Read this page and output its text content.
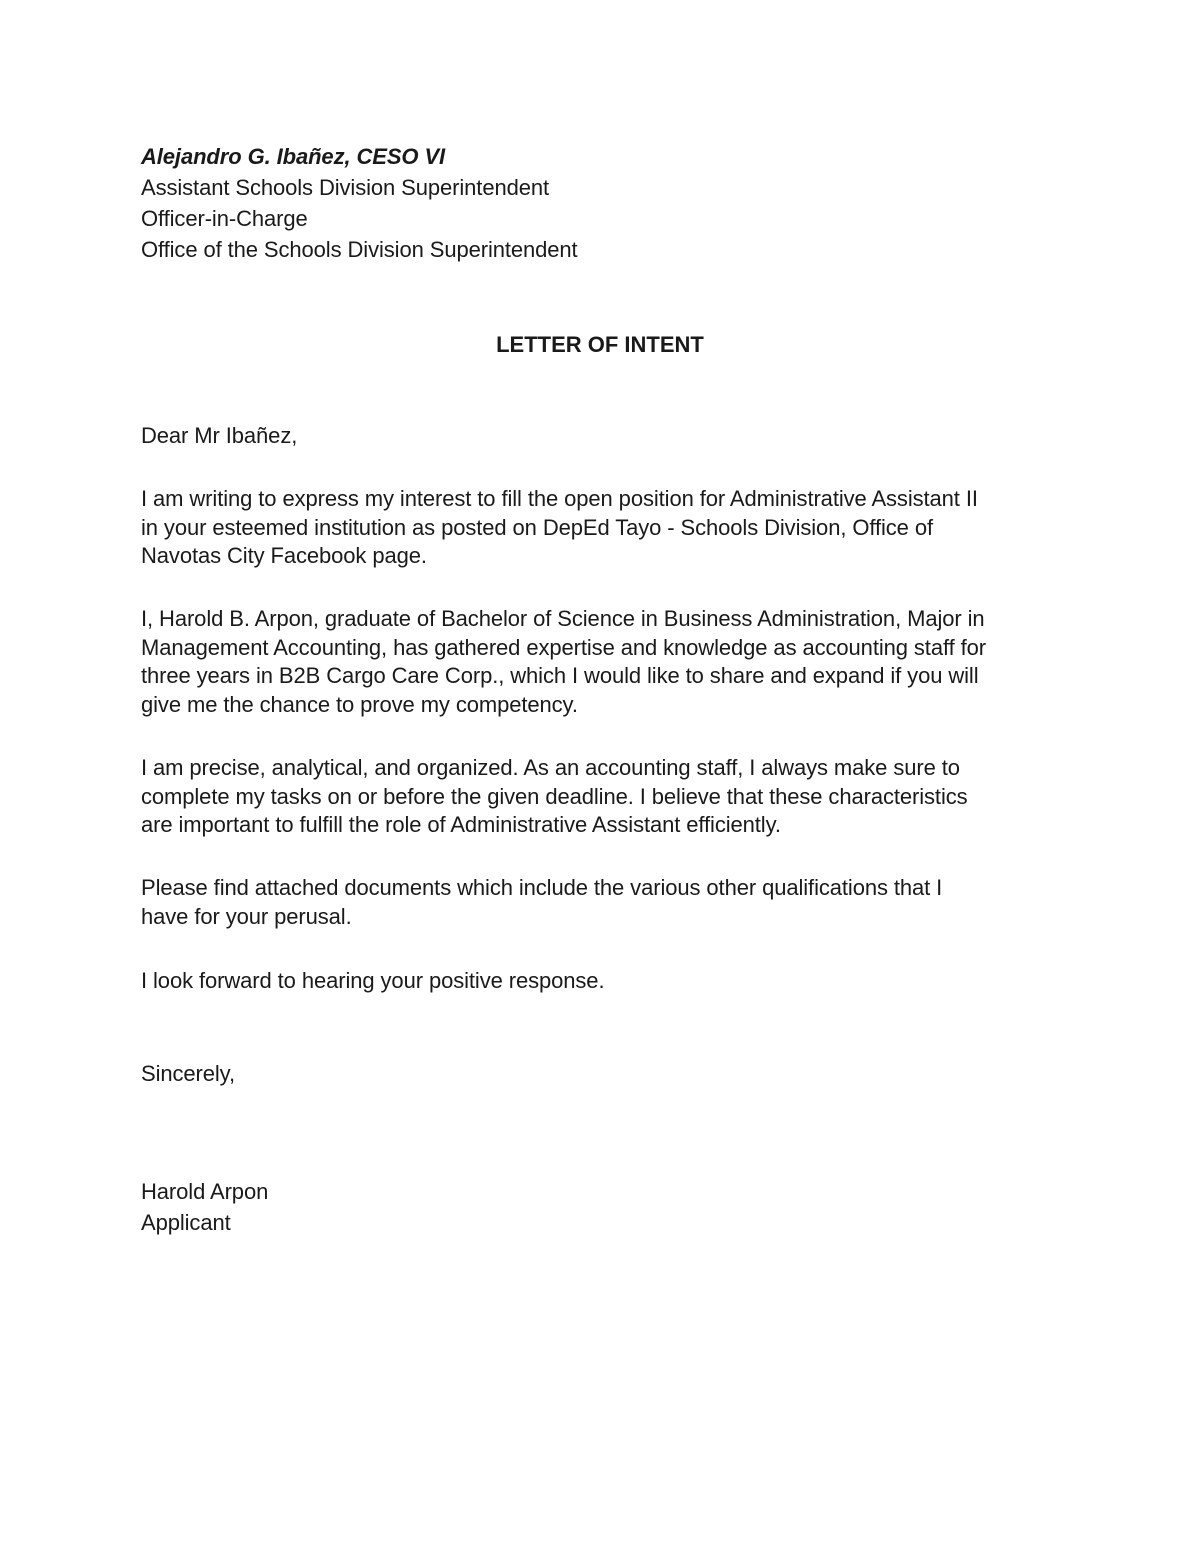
Alejandro G. Ibañez, CESO VI
Assistant Schools Division Superintendent
Officer-in-Charge
Office of the Schools Division Superintendent
LETTER OF INTENT
Dear Mr Ibañez,
I am writing to express my interest to fill the open position for Administrative Assistant II
in your esteemed institution as posted on DepEd Tayo - Schools Division, Office of
Navotas City Facebook page.
I, Harold B. Arpon, graduate of Bachelor of Science in Business Administration, Major in
Management Accounting, has gathered expertise and knowledge as accounting staff for
three years in B2B Cargo Care Corp., which I would like to share and expand if you will
give me the chance to prove my competency.
I am precise, analytical, and organized. As an accounting staff, I always make sure to
complete my tasks on or before the given deadline. I believe that these characteristics
are important to fulfill the role of Administrative Assistant efficiently.
Please find attached documents which include the various other qualifications that I
have for your perusal.
I look forward to hearing your positive response.
Sincerely,
Harold Arpon
Applicant
